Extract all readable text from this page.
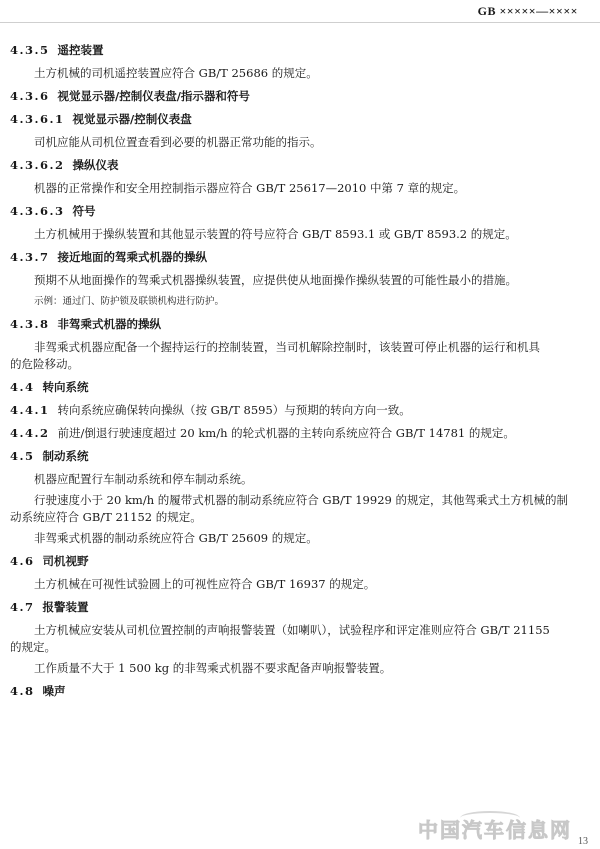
GB ×××××—××××

4.3.5 遥控装置

土方机械的司机遥控装置应符合 GB/T 25686 的规定。

4.3.6 视觉显示器/控制仪表盘/指示器和符号

4.3.6.1 视觉显示器/控制仪表盘

司机应能从司机位置查看到必要的机器正常功能的指示。

4.3.6.2 操纵仪表

机器的正常操作和安全用控制指示器应符合 GB/T 25617—2010 中第 7 章的规定。

4.3.6.3 符号

土方机械用于操纵装置和其他显示装置的符号应符合 GB/T 8593.1 或 GB/T 8593.2 的规定。

4.3.7 接近地面的驾乘式机器的操纵

预期不从地面操作的驾乘式机器操纵装置，应提供使从地面操作操纵装置的可能性最小的措施。

示例：通过门、防护锁及联锁机构进行防护。

4.3.8 非驾乘式机器的操纵

非驾乘式机器应配备一个握持运行的控制装置，当司机解除控制时，该装置可停止机器的运行和机具
的危险移动。

4.4 转向系统

4.4.1 转向系统应确保转向操纵（按 GB/T 8595）与预期的转向方向一致。

4.4.2 前进/倒退行驶速度超过 20 km/h 的轮式机器的主转向系统应符合 GB/T 14781 的规定。

4.5 制动系统

机器应配置行车制动系统和停车制动系统。

行驶速度小于 20 km/h 的履带式机器的制动系统应符合 GB/T 19929 的规定，其他驾乘式土方机械的制
动系统应符合 GB/T 21152 的规定。

非驾乘式机器的制动系统应符合 GB/T 25609 的规定。

4.6 司机视野

土方机械在可视性试验圆上的可视性应符合 GB/T 16937 的规定。

4.7 报警装置

土方机械应安装从司机位置控制的声响报警装置（如喇叭），试验程序和评定准则应符合 GB/T 21155
的规定。

工作质量不大于 1 500 kg 的非驾乘式机器不要求配备声响报警装置。

4.8 噪声

中国汽车信息网 13
